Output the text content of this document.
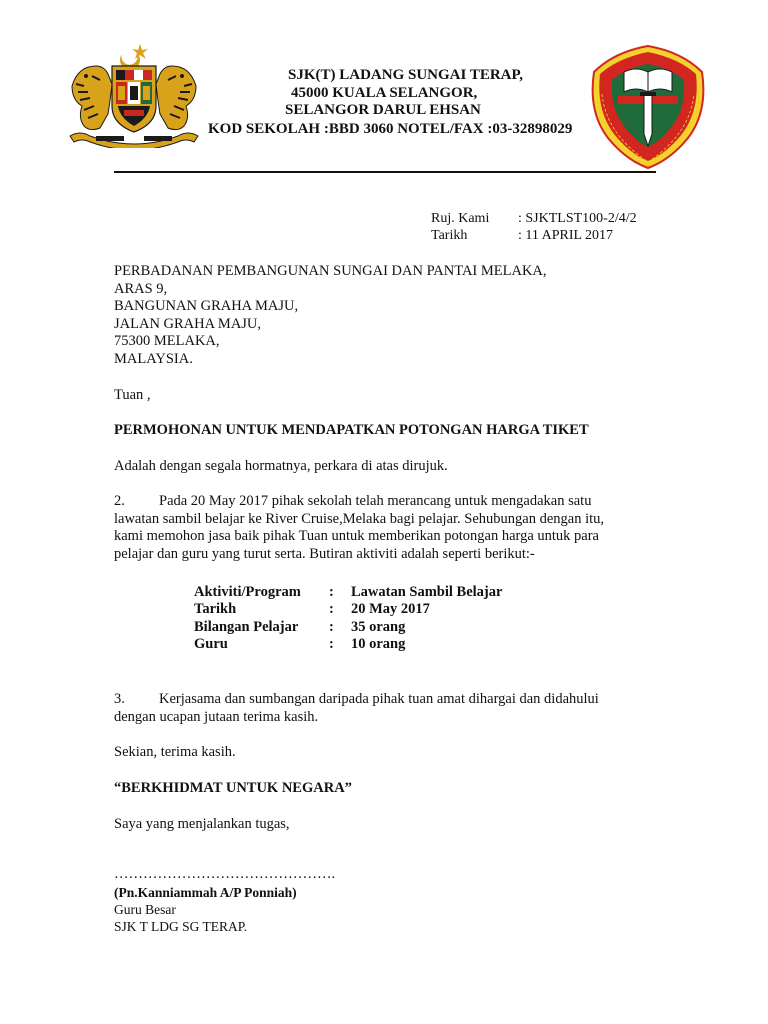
SJK(T) LADANG SUNGAI TERAP,
45000 KUALA SELANGOR,
SELANGOR DARUL EHSAN
KOD SEKOLAH :BBD 3060 NOTEL/FAX :03-32898029
Ruj. Kami : SJKTLST100-2/4/2
Tarikh	: 11 APRIL 2017
PERBADANAN PEMBANGUNAN SUNGAI DAN PANTAI MELAKA,
ARAS 9,
BANGUNAN GRAHA MAJU,
JALAN GRAHA MAJU,
75300 MELAKA,
MALAYSIA.
Tuan ,
PERMOHONAN UNTUK MENDAPATKAN POTONGAN HARGA TIKET
Adalah dengan segala hormatnya, perkara di atas dirujuk.
2. Pada 20 May 2017 pihak sekolah telah merancang untuk mengadakan satu
lawatan sambil belajar ke River Cruise,Melaka bagi pelajar. Sehubungan dengan itu,
kami memohon jasa baik pihak Tuan untuk memberikan potongan harga untuk para
pelajar dan guru yang turut serta. Butiran aktiviti adalah seperti berikut:-
Aktiviti/Program : Lawatan Sambil Belajar
Tarikh	: 20 May 2017
Bilangan Pelajar : 35 orang
Guru	: 10 orang
3. Kerjasama dan sumbangan daripada pihak tuan amat dihargai dan didahului
dengan ucapan jutaan terima kasih.
Sekian, terima kasih.
“BERKHIDMAT UNTUK NEGARA”
Saya yang menjalankan tugas,
……………………………………….
(Pn.Kanniammah A/P Ponniah)
Guru Besar
SJK T LDG SG TERAP.
